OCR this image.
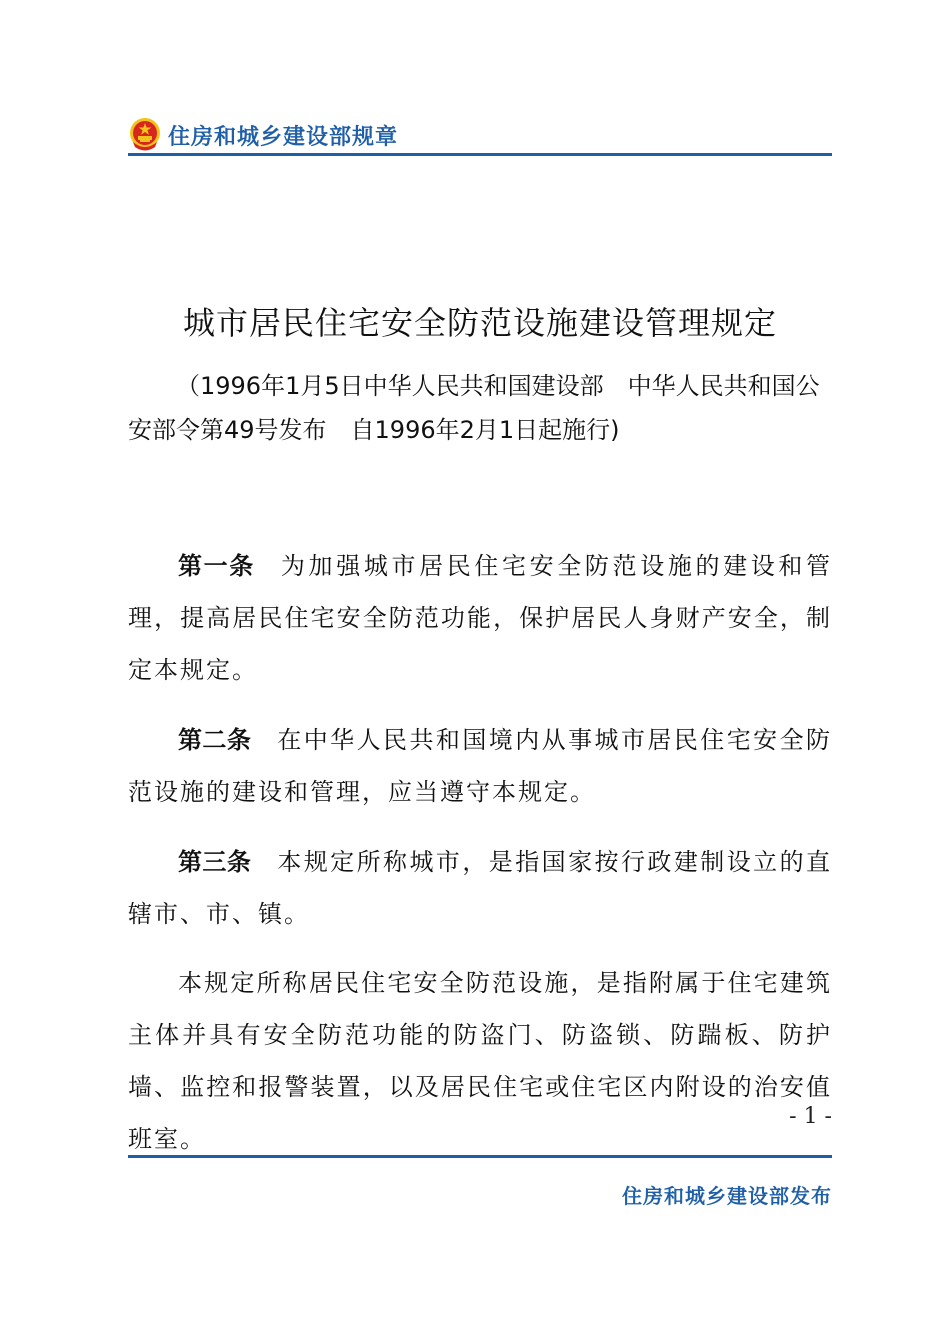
住房和城乡建设部规章
城市居民住宅安全防范设施建设管理规定
（1996年1月5日中华人民共和国建设部　中华人民共和国公安部令第49号发布　自1996年2月1日起施行)
第一条 为加强城市居民住宅安全防范设施的建设和管理，提高居民住宅安全防范功能，保护居民人身财产安全，制定本规定。
第二条 在中华人民共和国境内从事城市居民住宅安全防范设施的建设和管理，应当遵守本规定。
第三条 本规定所称城市，是指国家按行政建制设立的直辖市、市、镇。
本规定所称居民住宅安全防范设施，是指附属于住宅建筑主体并具有安全防范功能的防盗门、防盗锁、防踹板、防护墙、监控和报警装置，以及居民住宅或住宅区内附设的治安值班室。
- 1 -
住房和城乡建设部发布
